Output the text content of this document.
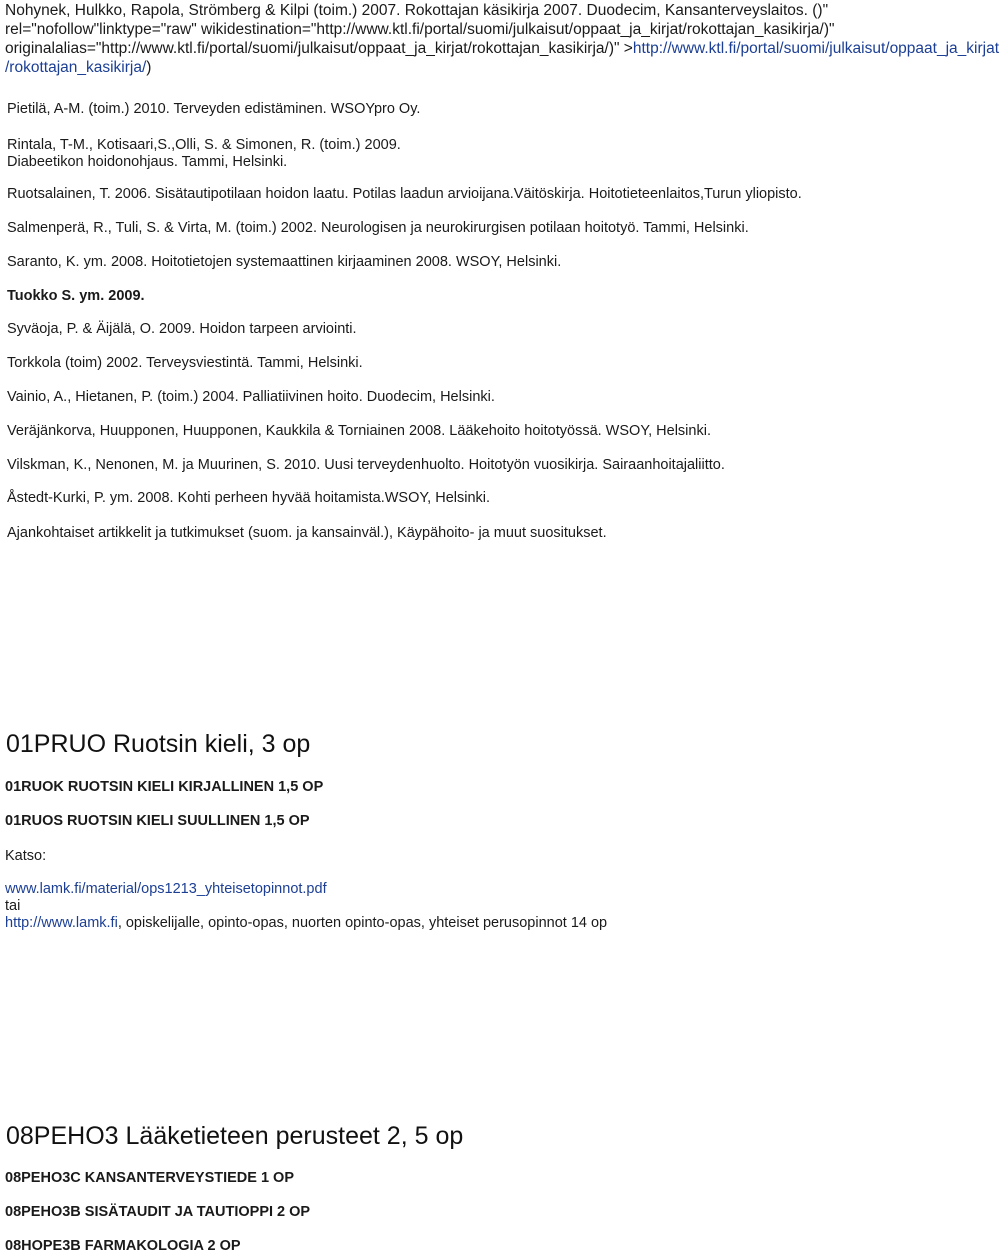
Nohynek, Hulkko, Rapola, Strömberg & Kilpi (toim.) 2007. Rokottajan käsikirja 2007. Duodecim, Kansanterveyslaitos. ()"
rel="nofollow"linktype="raw" wikidestination="http://www.ktl.fi/portal/suomi/julkaisut/oppaat_ja_kirjat/rokottajan_kasikirja/)"
originalalias="http://www.ktl.fi/portal/suomi/julkaisut/oppaat_ja_kirjat/rokottajan_kasikirja/)" >http://www.ktl.fi/portal/suomi/julkaisut/oppaat_ja_kirjat
/rokottajan_kasikirja/)
Pietilä, A-M. (toim.) 2010. Terveyden edistäminen. WSOYpro Oy.
Rintala, T-M., Kotisaari,S.,Olli, S. & Simonen, R. (toim.) 2009.
Diabeetikon hoidonohjaus. Tammi, Helsinki.
Ruotsalainen, T. 2006. Sisätautipotilaan hoidon laatu. Potilas laadun arvioijana.Väitöskirja. Hoitotieteenlaitos,Turun yliopisto.
Salmenperä, R., Tuli, S. & Virta, M. (toim.) 2002. Neurologisen ja neurokirurgisen potilaan hoitotyö. Tammi, Helsinki.
Saranto, K. ym. 2008. Hoitotietojen systemaattinen kirjaaminen 2008. WSOY, Helsinki.
Tuokko S. ym. 2009.
Syväoja, P. & Äijälä, O. 2009. Hoidon tarpeen arviointi.
Torkkola (toim) 2002. Terveysviestintä. Tammi, Helsinki.
Vainio, A., Hietanen, P. (toim.) 2004. Palliatiivinen hoito. Duodecim, Helsinki.
Veräjänkorva, Huupponen, Huupponen, Kaukkila & Torniainen 2008. Lääkehoito hoitotyössä. WSOY, Helsinki.
Vilskman, K., Nenonen, M. ja Muurinen, S. 2010. Uusi terveydenhuolto. Hoitotyön vuosikirja. Sairaanhoitajaliitto.
Åstedt-Kurki, P. ym. 2008. Kohti perheen hyvää hoitamista.WSOY, Helsinki.
Ajankohtaiset artikkelit ja tutkimukset (suom. ja kansainväl.), Käypähoito- ja muut suositukset.
01PRUO Ruotsin kieli, 3 op
01RUOK RUOTSIN KIELI KIRJALLINEN 1,5 OP
01RUOS RUOTSIN KIELI SUULLINEN 1,5 OP
Katso:
www.lamk.fi/material/ops1213_yhteisetopinnot.pdf
tai
http://www.lamk.fi, opiskelijalle, opinto-opas, nuorten opinto-opas, yhteiset perusopinnot 14 op
08PEHO3 Lääketieteen perusteet 2, 5 op
08PEHO3C KANSANTERVEYSTIEDE 1 OP
08PEHO3B SISÄTAUDIT JA TAUTIOPPI 2 OP
08HOPE3B FARMAKOLOGIA 2 OP
